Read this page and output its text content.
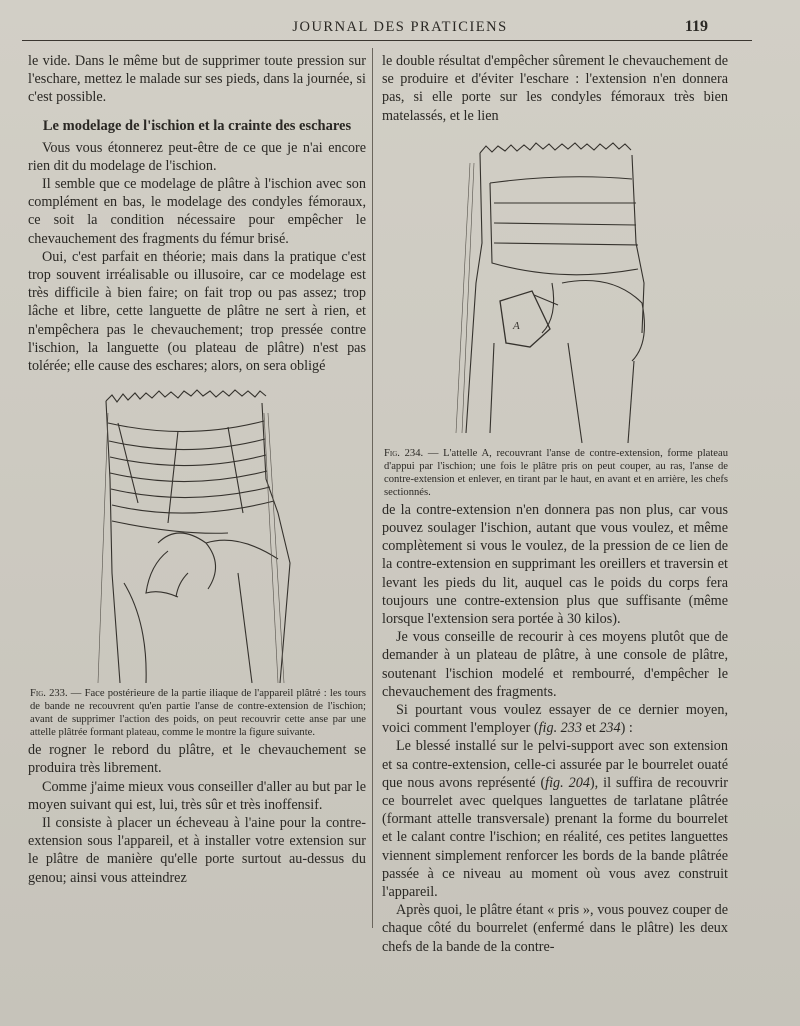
JOURNAL DES PRATICIENS	119

le vide. Dans le même but de supprimer toute pression sur l'eschare, mettez le malade sur ses pieds, dans la journée, si c'est possible.

Le modelage de l'ischion et la crainte des eschares

Vous vous étonnerez peut-être de ce que je n'ai encore rien dit du modelage de l'ischion.

Il semble que ce modelage de plâtre à l'ischion avec son complément en bas, le modelage des condyles fémoraux, ce soit la condition nécessaire pour empêcher le chevauchement des fragments du fémur brisé.

Oui, c'est parfait en théorie; mais dans la pratique c'est trop souvent irréalisable ou illusoire, car ce modelage est très difficile à bien faire; on fait trop ou pas assez; trop lâche et libre, cette languette de plâtre ne sert à rien, et n'empêchera pas le chevauchement; trop pressée contre l'ischion, la languette (ou plateau de plâtre) n'est pas tolérée; elle cause des eschares; alors, on sera obligé

Fig. 233. — Face postérieure de la partie iliaque de l'appareil plâtré : les tours de bande ne recouvrent qu'en partie l'anse de contre-extension de l'ischion; avant de supprimer l'action des poids, on peut recouvrir cette anse par une attelle plâtrée formant plateau, comme le montre la figure suivante.

de rogner le rebord du plâtre, et le chevauchement se produira très librement.

Comme j'aime mieux vous conseiller d'aller au but par le moyen suivant qui est, lui, très sûr et très inoffensif.

Il consiste à placer un écheveau à l'aine pour la contre-extension sous l'appareil, et à installer votre extension sur le plâtre de manière qu'elle porte surtout au-dessus du genou; ainsi vous atteindrez

le double résultat d'empêcher sûrement le chevauchement de se produire et d'éviter l'eschare : l'extension n'en donnera pas, si elle porte sur les condyles fémoraux très bien matelassés, et le lien

A
Fig. 234. — L'attelle A, recouvrant l'anse de contre-extension, forme plateau d'appui par l'ischion; une fois le plâtre pris on peut couper, au ras, l'anse de contre-extension et enlever, en tirant par le haut, en avant et en arrière, les chefs sectionnés.

de la contre-extension n'en donnera pas non plus, car vous pouvez soulager l'ischion, autant que vous voulez, et même complètement si vous le voulez, de la pression de ce lien de la contre-extension en supprimant les oreillers et traversin et levant les pieds du lit, auquel cas le poids du corps fera toujours une contre-extension plus que suffisante (même lorsque l'extension sera portée à 30 kilos).

Je vous conseille de recourir à ces moyens plutôt que de demander à un plateau de plâtre, à une console de plâtre, soutenant l'ischion modelé et rembourré, d'empêcher le chevauchement des fragments.

Si pourtant vous voulez essayer de ce dernier moyen, voici comment l'employer (fig. 233 et 234) :

Le blessé installé sur le pelvi-support avec son extension et sa contre-extension, celle-ci assurée par le bourrelet ouaté que nous avons représenté (fig. 204), il suffira de recouvrir ce bourrelet avec quelques languettes de tarlatane plâtrée (formant attelle transversale) prenant la forme du bourrelet et le calant contre l'ischion; en réalité, ces petites languettes viennent simplement renforcer les bords de la bande plâtrée passée à ce niveau au moment où vous avez construit l'appareil.

Après quoi, le plâtre étant « pris », vous pouvez couper de chaque côté du bourrelet (enfermé dans le plâtre) les deux chefs de la bande de la contre-
